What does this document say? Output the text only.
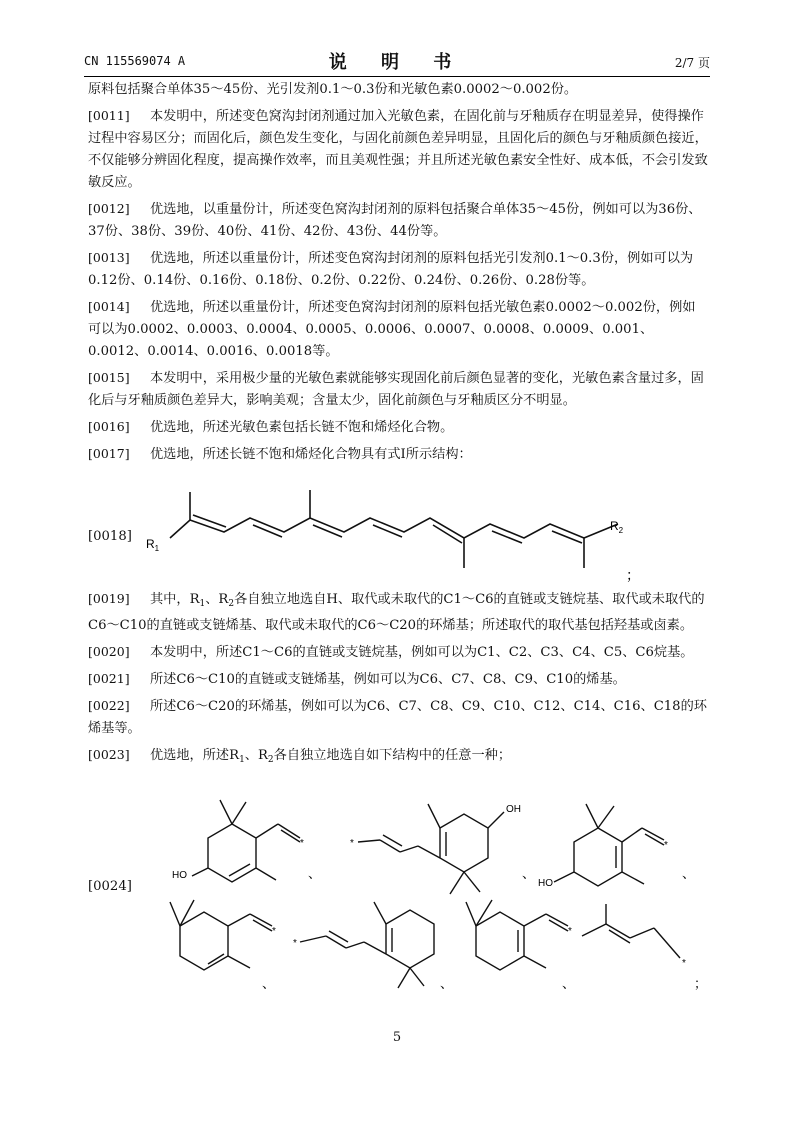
CN 115569074 A	说 明 书	2/7 页
原料包括聚合单体35～45份、光引发剂0.1～0.3份和光敏色素0.0002～0.002份。
[0011] 本发明中，所述变色窝沟封闭剂通过加入光敏色素，在固化前与牙釉质存在明显差异，使得操作过程中容易区分；而固化后，颜色发生变化，与固化前颜色差异明显，且固化后的颜色与牙釉质颜色接近，不仅能够分辨固化程度，提高操作效率，而且美观性强；并且所述光敏色素安全性好、成本低，不会引发致敏反应。
[0012] 优选地，以重量份计，所述变色窝沟封闭剂的原料包括聚合单体35～45份，例如可以为36份、37份、38份、39份、40份、41份、42份、43份、44份等。
[0013] 优选地，所述以重量份计，所述变色窝沟封闭剂的原料包括光引发剂0.1～0.3份，例如可以为0.12份、0.14份、0.16份、0.18份、0.2份、0.22份、0.24份、0.26份、0.28份等。
[0014] 优选地，所述以重量份计，所述变色窝沟封闭剂的原料包括光敏色素0.0002～0.002份，例如可以为0.0002、0.0003、0.0004、0.0005、0.0006、0.0007、0.0008、0.0009、0.001、0.0012、0.0014、0.0016、0.0018等。
[0015] 本发明中，采用极少量的光敏色素就能够实现固化前后颜色显著的变化，光敏色素含量过多，固化后与牙釉质颜色差异大，影响美观；含量太少，固化前颜色与牙釉质区分不明显。
[0016] 优选地，所述光敏色素包括长链不饱和烯烃化合物。
[0017] 优选地，所述长链不饱和烯烃化合物具有式I所示结构：
[0018]	$R_1$
$R_2$
；
[0019] 其中，$R_1$、$R_2$各自独立地选自H、取代或未取代的C1～C6的直链或支链烷基、取代或未取代的C6～C10的直链或支链烯基、取代或未取代的C6～C20的环烯基；所述取代的取代基包括羟基或卤素。
[0020] 本发明中，所述C1～C6的直链或支链烷基，例如可以为C1、C2、C3、C4、C5、C6烷基。
[0021] 所述C6～C10的直链或支链烯基，例如可以为C6、C7、C8、C9、C10的烯基。
[0022] 所述C6～C20的环烯基，例如可以为C6、C7、C8、C9、C10、C12、C14、C16、C18的环烯基等。
[0023] 优选地，所述$R_1$、$R_2$各自独立地选自如下结构中的任意一种；
[0024]
HO
OH
HO
*	*	*
*
*
*
*
、	、	、
、	、	、	；
5
